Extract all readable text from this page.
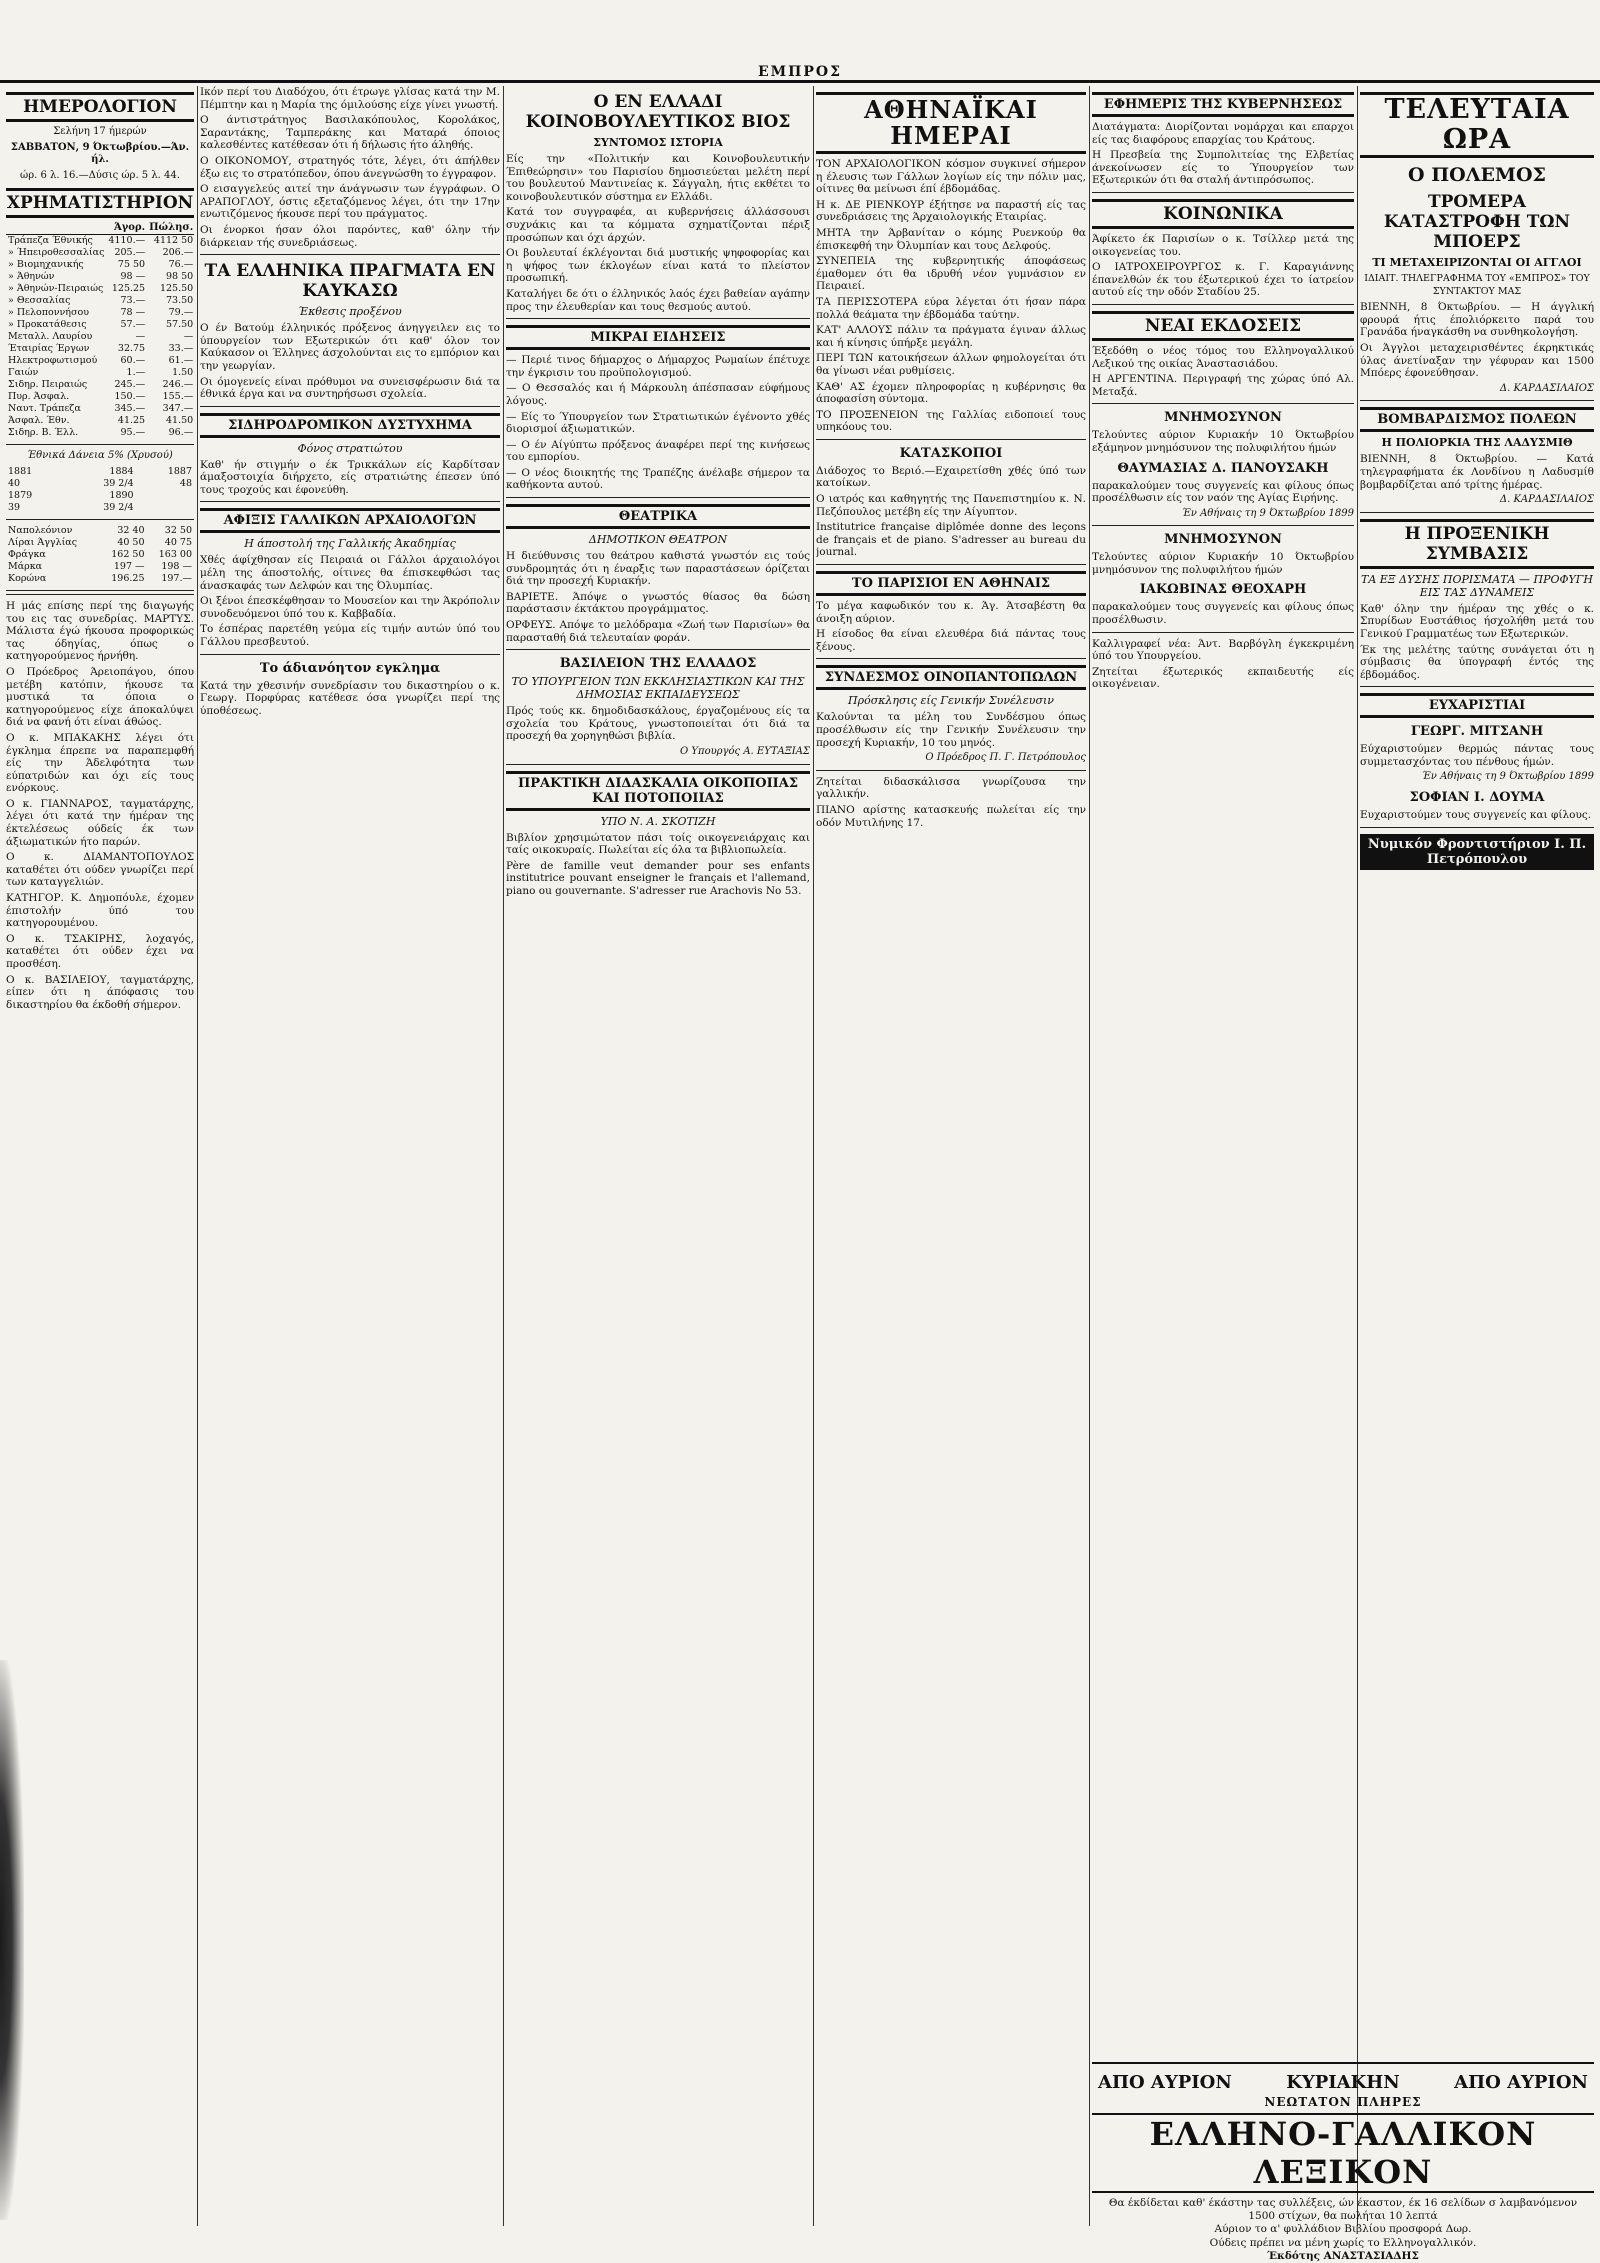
ΕΜΠΡΟΣ
ΗΜΕΡΟΛΟΓΙΟΝ

Σελήνη 17 ήμερών

ΣΑΒΒΑΤΟΝ, 9 Όκτωβρίου.—Άν. ήλ.

ώρ. 6 λ. 16.—Δύσις ώρ. 5 λ. 44.

ΧΡΗΜΑΤΙΣΤΗΡΙΟΝ
	Άγορ.	Πώλησ.
Τράπεζα Έθνικής	4110.—	4112 50
» Ήπειροθεσσαλίας	205.—	206.—
» Βιομηχανικής	75 50	76.—
» Άθηνών	98 —	98 50
» Άθηνών-Πειραιώς	125.25	125.50
» Θεσσαλίας	73.—	73.50
» Πελοποννήσου	78 —	79.—
» Προκατάθεσις	57.—	57.50
Μεταλλ. Λαυρίου	—	—
Έταιρίας Έργων	32.75	33.—
Ηλεκτροφωτισμού	60.—	61.—
Γαιών	1.—	1.50
Σιδηρ. Πειραιώς	245.—	246.—
Πυρ. Άσφαλ.	150.—	155.—
Ναυτ. Τράπεζα	345.—	347.—
Άσφαλ. Έθν.	41.25	41.50
Σιδηρ. Β. Έλλ.	95.—	96.—

Έθνικά Δάνεια 5% (Χρυσού)

1881	1884	1887
40	39 2/4	48
1879	1890	
39	39 2/4	
Ναπολεόνιον	32 40	32 50
Λίραι Άγγλίας	40 50	40 75
Φράγκα	162 50	163 00
Μάρκα	197 —	198 —
Κορώνα	196.25	197.—

Η μάς επίσης περί της διαγωγής του εις τας συνεδρίας. ΜΑΡΤΥΣ. Μάλιστα έγώ ήκουσα προφορικώς τας όδηγίας, όπως ο κατηγορούμενος ήρνήθη.

Ο Πρόεδρος Άρειοπάγου, όπου μετέβη κατόπιν, ήκουσε τα μυστικά τα όποια ο κατηγορούμενος είχε άποκαλύψει διά να φανή ότι είναι άθώος.

Ο κ. ΜΠΑΚΑΚΗΣ λέγει ότι έγκλημα έπρεπε να παραπεμφθή είς την Άδελφότητα των εύπατριδών και όχι είς τους ενόρκους.

Ο κ. ΓΙΑΝΝΑΡΟΣ, ταγματάρχης, λέγει ότι κατά την ήμέραν της έκτελέσεως ούδείς έκ των άξιωματικών ήτο παρών.

Ο κ. ΔΙΑΜΑΝΤΟΠΟΥΛΟΣ καταθέτει ότι ούδεν γνωρίζει περί των καταγγελιών.

ΚΑΤΗΓΟΡ. Κ. Δημοπόυλε, έχομεν έπιστολήν ύπό του κατηγορουμένου.

Ο κ. ΤΣΑΚΙΡΗΣ, λοχαγός, καταθέτει ότι ούδεν έχει να προσθέση.

Ο κ. ΒΑΣΙΛΕΙΟΥ, ταγματάρχης, είπεν ότι η άπόφασις του δικαστηρίου θα έκδοθή σήμερον.

Ικόν περί του Διαδόχου, ότι έτρωγε γλίσας κατά την Μ. Πέμπτην και η Μαρία της όμιλούσης είχε γίνει γνωστή.

Ο άντιστράτηγος Βασιλακόπουλος, Κορολάκος, Σαραντάκης, Ταμπεράκης και Ματαρά όποιος καλεσθέντες κατέθεσαν ότι ή δήλωσις ήτο άληθής.

Ο ΟΙΚΟΝΟΜΟΥ, στρατηγός τότε, λέγει, ότι άπήλθεν έξω εις το στρατόπεδον, όπου άνεγνώσθη το έγγραφον.

Ο εισαγγελεύς αιτεί την άνάγνωσιν των έγγράφων. Ο ΑΡΑΠΟΓΛΟΥ, όστις εξεταζόμενος λέγει, ότι την 17ην ενωτιζόμενος ήκουσε περί του πράγματος.

Οι ένορκοι ήσαν όλοι παρόντες, καθ' όλην τήν διάρκειαν τής συνεδριάσεως.

ΤΑ ΕΛΛΗΝΙΚΑ ΠΡΑΓΜΑΤΑ ΕΝ ΚΑΥΚΑΣΩ
Έκθεσις προξένου

Ο έν Βατούμ έλληνικός πρόξενος άνηγγειλεν εις το ύπουργείον των Εξωτερικών ότι καθ' όλον τον Καύκασον οι Έλληνες άσχολούνται εις το εμπόριον και την γεωργίαν.

Οι όμογενείς είναι πρόθυμοι να συνεισφέρωσιν διά τα έθνικά έργα και να συντηρήσωσι σχολεία.

ΣΙΔΗΡΟΔΡΟΜΙΚΟΝ ΔΥΣΤΥΧΗΜΑ
Φόνος στρατιώτου

Καθ' ήν στιγμήν ο έκ Τρικκάλων είς Καρδίτσαν άμαξοστοιχία διήρχετο, είς στρατιώτης έπεσεν ύπό τους τροχούς και έφονεύθη.

ΑΦΙΞΙΣ ΓΑΛΛΙΚΩΝ ΑΡΧΑΙΟΛΟΓΩΝ
Η άποστολή της Γαλλικής Άκαδημίας

Χθές άφίχθησαν είς Πειραιά οι Γάλλοι άρχαιολόγοι μέλη της άποστολής, οίτινες θα έπισκεφθώσι τας άνασκαφάς των Δελφών και της Όλυμπίας.

Οι ξένοι έπεσκέφθησαν το Μουσείον και την Άκρόπολιν συνοδευόμενοι ύπό του κ. Καββαδία.

Το έσπέρας παρετέθη γεύμα είς τιμήν αυτών ύπό του Γάλλου πρεσβευτού.

Το άδιανόητον εγκλημα

Κατά την χθεσινήν συνεδρίασιν του δικαστηρίου ο κ. Γεωργ. Πορφύρας κατέθεσε όσα γνωρίζει περί της ύποθέσεως.

Ο ΕΝ ΕΛΛΑΔΙ ΚΟΙΝΟΒΟΥΛΕΥΤΙΚΟΣ ΒΙΟΣ
ΣΥΝΤΟΜΟΣ ΙΣΤΟΡΙΑ

Είς την «Πολιτικήν και Κοινοβουλευτικήν Έπιθεώρησιν» του Παρισίου δημοσιεύεται μελέτη περί του βουλευτού Μαντινείας κ. Σάγγαλη, ήτις εκθέτει το κοινοβουλευτικόν σύστημα εν Ελλάδι.

Κατά τον συγγραφέα, αι κυβερνήσεις άλλάσσουσι συχνάκις και τα κόμματα σχηματίζονται πέριξ προσώπων και όχι άρχών.

Οι βουλευταί έκλέγονται διά μυστικής ψηφοφορίας και η ψήφος των έκλογέων είναι κατά το πλείστον προσωπική.

Καταλήγει δε ότι ο έλληνικός λαός έχει βαθείαν αγάπην προς την έλευθερίαν και τους θεσμούς αυτού.

ΜΙΚΡΑΙ ΕΙΔΗΣΕΙΣ

— Περιέ τινος δήμαρχος ο Δήμαρχος Ρωμαίων έπέτυχε την έγκρισιν του προϋπολογισμού.

— Ο Θεσσαλός και ή Μάρκουλη άπέσπασαν εύφήμους λόγους.

— Είς το Ύπουργείον των Στρατιωτικών έγένοντο χθές διορισμοί άξιωματικών.

— Ο έν Αίγύπτω πρόξενος άναφέρει περί της κινήσεως του εμπορίου.

— Ο νέος διοικητής της Τραπέζης άνέλαβε σήμερον τα καθήκοντα αυτού.

ΘΕΑΤΡΙΚΑ
ΔΗΜΟΤΙΚΟΝ ΘΕΑΤΡΟΝ

Η διεύθυνσις του θεάτρου καθιστά γνωστόν εις τούς συνδρομητάς ότι η έναρξις των παραστάσεων όρίζεται διά την προσεχή Κυριακήν.

ΒΑΡΙΕΤΕ. Άπόψε ο γνωστός θίασος θα δώση παράστασιν έκτάκτου προγράμματος.

ΟΡΦΕΥΣ. Απόψε το μελόδραμα «Ζωή των Παρισίων» θα παρασταθή διά τελευταίαν φοράν.

ΒΑΣΙΛΕΙΟΝ ΤΗΣ ΕΛΛΑΔΟΣ
ΤΟ ΥΠΟΥΡΓΕΙΟΝ ΤΩΝ ΕΚΚΛΗΣΙΑΣΤΙΚΩΝ ΚΑΙ ΤΗΣ ΔΗΜΟΣΙΑΣ ΕΚΠΑΙΔΕΥΣΕΩΣ

Πρός τούς κκ. δημοδιδασκάλους, έργαζομένους είς τα σχολεία του Κράτους, γνωστοποιείται ότι διά τα προσεχή θα χορηγηθώσι βιβλία.

Ο Υπουργός Α. ΕΥΤΑΞΙΑΣ

ΠΡΑΚΤΙΚΗ ΔΙΔΑΣΚΑΛΙΑ ΟΙΚΟΠΟΙΙΑΣ ΚΑΙ ΠΟΤΟΠΟΙΙΑΣ
ΥΠΟ Ν. Α. ΣΚΟΤΙΖΗ

Βιβλίον χρησιμώτατον πάσι τοίς οικογενειάρχαις και ταίς οικοκυραίς. Πωλείται είς όλα τα βιβλιοπωλεία.

Père de famille veut demander pour ses enfants institutrice pouvant enseigner le français et l'allemand, piano ou gouvernante. S'adresser rue Arachovis No 53.

ΑΘΗΝΑΪΚΑΙ ΗΜΕΡΑΙ

ΤΟΝ ΑΡΧΑΙΟΛΟΓΙΚΟΝ κόσμον συγκινεί σήμερον η έλευσις των Γάλλων λογίων είς την πόλιν μας, οίτινες θα μείνωσι έπί έβδομάδας.

Η κ. ΔΕ ΡΙΕΝΚΟΥΡ έξήτησε να παραστή είς τας συνεδριάσεις της Άρχαιολογικής Εταιρίας.

ΜΗΤΑ την Άρβανίταν ο κόμης Ρυενκούρ θα έπισκεφθή την Όλυμπίαν και τους Δελφούς.

ΣΥΝΕΠΕΙΑ της κυβερνητικής άποφάσεως έμαθομεν ότι θα ιδρυθή νέον γυμνάσιον εν Πειραιεί.

ΤΑ ΠΕΡΙΣΣΟΤΕΡΑ εύρα λέγεται ότι ήσαν πάρα πολλά θεάματα την έβδομάδα ταύτην.

ΚΑΤ' ΑΛΛΟΥΣ πάλιν τα πράγματα έγιναν άλλως και ή κίνησις ύπήρξε μεγάλη.

ΠΕΡΙ ΤΩΝ κατοικήσεων άλλων φημολογείται ότι θα γίνωσι νέαι ρυθμίσεις.

ΚΑΘ' ΑΣ έχομεν πληροφορίας η κυβέρνησις θα άποφασίση σύντομα.

ΤΟ ΠΡΟΞΕΝΕΙΟΝ της Γαλλίας ειδοποιεί τους υπηκόους του.

ΚΑΤΑΣΚΟΠΟΙ

Διάδοχος το Βεριό.—Εχαιρετίσθη χθές ύπό των κατοίκων.

Ο ιατρός και καθηγητής της Πανεπιστημίου κ. Ν. Πεζόπουλος μετέβη είς την Αίγυπτον.

Institutrice française diplômée donne des leçons de français et de piano. S'adresser au bureau du journal.

ΤΟ ΠΑΡΙΣΙΟΙ ΕΝ ΑΘΗΝΑΙΣ

Το μέγα καφωδικόν του κ. Άγ. Άτσαβέστη θα άνοιξη αύριον.

Η είσοδος θα είναι ελευθέρα διά πάντας τους ξένους.

ΣΥΝΔΕΣΜΟΣ ΟΙΝΟΠΑΝΤΟΠΩΛΩΝ
Πρόσκλησις είς Γενικήν Συνέλευσιν

Καλούνται τα μέλη του Συνδέσμου όπως προσέλθωσιν είς την Γενικήν Συνέλευσιν την προσεχή Κυριακήν, 10 του μηνός.

Ο Πρόεδρος Π. Γ. Πετρόπουλος

Ζητείται διδασκάλισσα γνωρίζουσα την γαλλικήν.

ΠΙΑΝΟ αρίστης κατασκευής πωλείται είς την οδόν Μυτιλήνης 17.

ΕΦΗΜΕΡΙΣ ΤΗΣ ΚΥΒΕΡΝΗΣΕΩΣ

Διατάγματα: Διορίζονται νομάρχαι και επαρχοι είς τας διαφόρους επαρχίας του Κράτους.

Η Πρεσβεία της Συμπολιτείας της Ελβετίας άνεκοίνωσεν είς το Ύπουργείον των Εξωτερικών ότι θα σταλή άντιπρόσωπος.

ΚΟΙΝΩΝΙΚΑ

Άφίκετο έκ Παρισίων ο κ. Τσίλλερ μετά της οικογενείας του.

Ο ΙΑΤΡΟΧΕΙΡΟΥΡΓΟΣ κ. Γ. Καραγιάννης έπανελθών έκ του έξωτερικού έχει το ίατρείον αυτού είς την οδόν Σταδίου 25.

ΝΕΑΙ ΕΚΔΟΣΕΙΣ

Έξεδόθη ο νέος τόμος του Ελληνογαλλικού Λεξικού της οικίας Άναστασιάδου.

Η ΑΡΓΕΝΤΙΝΑ. Περιγραφή της χώρας ύπό Αλ. Μεταξά.

ΜΝΗΜΟΣΥΝΟΝ

Τελούντες αύριον Κυριακήν 10 Όκτωβρίου εξάμηνον μνημόσυνον της πολυφιλήτου ήμών

ΘΑΥΜΑΣΙΑΣ Δ. ΠΑΝΟΥΣΑΚΗ

παρακαλούμεν τους συγγενείς και φίλους όπως προσέλθωσιν είς τον ναόν της Αγίας Ειρήνης.

Έν Αθήναις τη 9 Όκτωβρίου 1899

ΜΝΗΜΟΣΥΝΟΝ

Τελούντες αύριον Κυριακήν 10 Όκτωβρίου μνημόσυνον της πολυφιλήτου ήμών

ΙΑΚΩΒΙΝΑΣ ΘΕΟΧΑΡΗ

παρακαλούμεν τους συγγενείς και φίλους όπως προσέλθωσιν.

Καλλιγραφεί νέα: Άντ. Βαρβόγλη έγκεκριμένη ύπό του Υπουργείου.

Ζητείται έξωτερικός εκπαιδευτής είς οικογένειαν.

ΤΕΛΕΥΤΑΙΑ ΩΡΑ
Ο ΠΟΛΕΜΟΣ
ΤΡΟΜΕΡΑ ΚΑΤΑΣΤΡΟΦΗ ΤΩΝ ΜΠΟΕΡΣ
ΤΙ ΜΕΤΑΧΕΙΡΙΖΟΝΤΑΙ ΟΙ ΑΓΓΛΟΙ

ΙΔΙΑΙΤ. ΤΗΛΕΓΡΑΦΗΜΑ ΤΟΥ «ΕΜΠΡΟΣ» ΤΟΥ ΣΥΝΤΑΚΤΟΥ ΜΑΣ

ΒΙΕΝΝΗ, 8 Όκτωβρίου. — Η άγγλική φρουρά ήτις έπολιόρκειτο παρά του Γρανάδα ήναγκάσθη να συνθηκολογήση.

Οι Άγγλοι μεταχειρισθέντες έκρηκτικάς ύλας άνετίναξαν την γέφυραν και 1500 Μπόερς έφονεύθησαν.

Δ. ΚΑΡΔΑΣΙΛΑΙΟΣ

ΒΟΜΒΑΡΔΙΣΜΟΣ ΠΟΛΕΩΝ
Η ΠΟΛΙΟΡΚΙΑ ΤΗΣ ΛΑΔΥΣΜΙΘ

ΒΙΕΝΝΗ, 8 Όκτωβρίου. — Κατά τηλεγραφήματα έκ Λονδίνου η Λαδυσμίθ βομβαρδίζεται από τρίτης ήμέρας.

Δ. ΚΑΡΔΑΣΙΛΑΙΟΣ

Η ΠΡΟΞΕΝΙΚΗ ΣΥΜΒΑΣΙΣ
ΤΑ ΕΞ ΔΥΣΗΣ ΠΟΡΙΣΜΑΤΑ — ΠΡΟΦΥΓΗ ΕΙΣ ΤΑΣ ΔΥΝΑΜΕΙΣ

Καθ' όλην την ήμέραν της χθές ο κ. Σπυρίδων Ευστάθιος ήσχολήθη μετά του Γενικού Γραμματέως των Εξωτερικών.

Έκ της μελέτης ταύτης συνάγεται ότι η σύμβασις θα ύπογραφή έντός της έβδομάδος.

ΕΥΧΑΡΙΣΤΙΑΙ
ΓΕΩΡΓ. ΜΙΤΣΑΝΗ

Εύχαριστούμεν θερμώς πάντας τους συμμετασχόντας του πένθους ήμών.

Έν Αθήναις τη 9 Όκτωβρίου 1899

ΣΟΦΙΑΝ Ι. ΔΟΥΜΑ

Ευχαριστούμεν τους συγγενείς και φίλους.

Νυμικόν Φροντιστήριον Ι. Π. Πετρόπουλου
ΑΠΟ ΑΥΡΙΟΝ	ΚΥΡΙΑΚΗΝ	ΑΠΟ ΑΥΡΙΟΝ
ΝΕΩΤΑΤΟΝ ΠΛΗΡΕΣ
ΕΛΛΗΝΟ-ΓΑΛΛΙΚΟΝ ΛΕΞΙΚΟΝ

Θα έκδίδεται καθ' έκάστην τας συλλέξεις, ών έκαστον, έκ 16 σελίδων σ λαμβανόμενον 1500 στίχων, θα πωλήται 10 λεπτά

Αύριον το α' φυλλάδιον Βιβλίου προσφορά Δωρ.

Ούδεις πρέπει να μένη χωρίς το Ελληνογαλλικόν.

Έκδότης ΑΝΑΣΤΑΣΙΑΔΗΣ
